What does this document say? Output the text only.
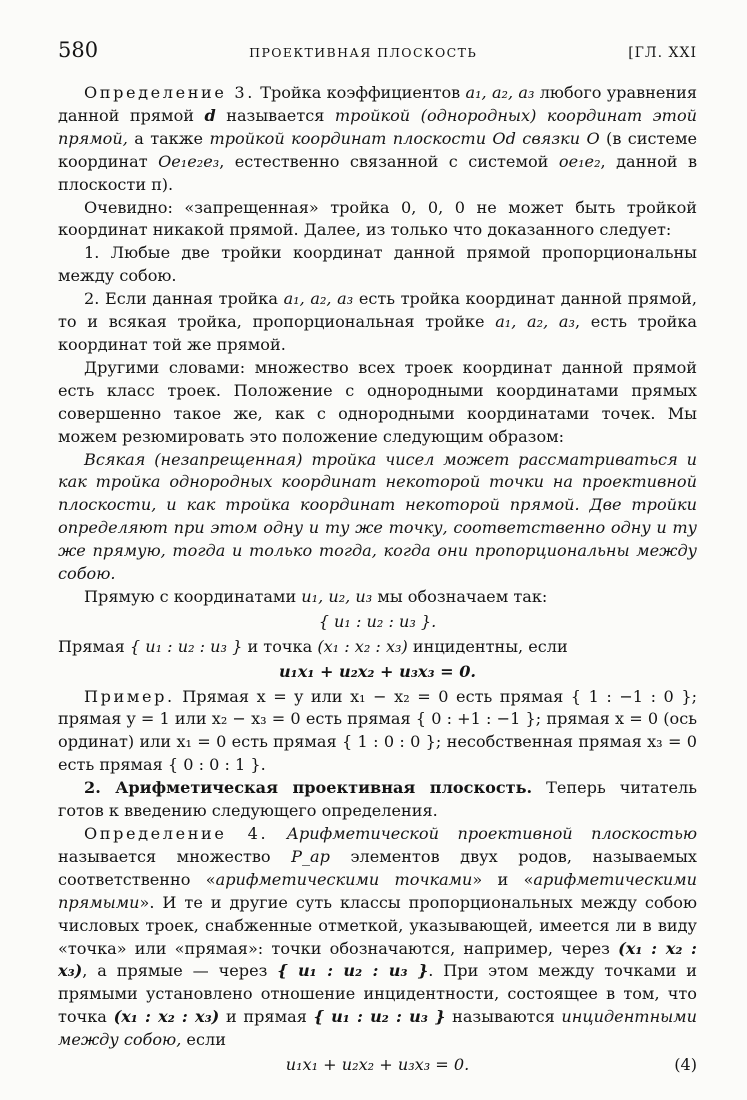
580	ПРОЕКТИВНАЯ ПЛОСКОСТЬ	[ГЛ. XXI

Определение 3. Тройка коэффициентов a₁, a₂, a₃ любого уравнения данной прямой d называется тройкой (однородных) координат этой прямой, а также тройкой координат плоскости Od связки O (в системе координат Oe₁e₂e₃, естественно связанной с системой oe₁e₂, данной в плоскости π).

Очевидно: «запрещенная» тройка 0, 0, 0 не может быть тройкой координат никакой прямой. Далее, из только что доказанного следует:

1. Любые две тройки координат данной прямой пропорциональны между собою.

2. Если данная тройка a₁, a₂, a₃ есть тройка координат данной прямой, то и всякая тройка, пропорциональная тройке a₁, a₂, a₃, есть тройка координат той же прямой.

Другими словами: множество всех троек координат данной прямой есть класс троек. Положение с однородными координатами прямых совершенно такое же, как с однородными координатами точек. Мы можем резюмировать это положение следующим образом:

Всякая (незапрещенная) тройка чисел может рассматриваться и как тройка однородных координат некоторой точки на проективной плоскости, и как тройка координат некоторой прямой. Две тройки определяют при этом одну и ту же точку, соответственно одну и ту же прямую, тогда и только тогда, когда они пропорциональны между собою.

Прямую с координатами u₁, u₂, u₃ мы обозначаем так:

{ u₁ : u₂ : u₃ }.

Прямая { u₁ : u₂ : u₃ } и точка (x₁ : x₂ : x₃) инцидентны, если

u₁x₁ + u₂x₂ + u₃x₃ = 0.

Пример. Прямая x = y или x₁ − x₂ = 0 есть прямая { 1 : −1 : 0 }; прямая y = 1 или x₂ − x₃ = 0 есть прямая { 0 : +1 : −1 }; прямая x = 0 (ось ординат) или x₁ = 0 есть прямая { 1 : 0 : 0 }; несобственная прямая x₃ = 0 есть прямая { 0 : 0 : 1 }.

2. Арифметическая проективная плоскость. Теперь читатель готов к введению следующего определения.

Определение 4. Арифметической проективной плоскостью называется множество P_ap элементов двух родов, называемых соответственно «арифметическими точками» и «арифметическими прямыми». И те и другие суть классы пропорциональных между собою числовых троек, снабженные отметкой, указывающей, имеется ли в виду «точка» или «прямая»: точки обозначаются, например, через (x₁ : x₂ : x₃), а прямые — через { u₁ : u₂ : u₃ }. При этом между точками и прямыми установлено отношение инцидентности, состоящее в том, что точка (x₁ : x₂ : x₃) и прямая { u₁ : u₂ : u₃ } называются инцидентными между собою, если

u₁x₁ + u₂x₂ + u₃x₃ = 0.	(4)
